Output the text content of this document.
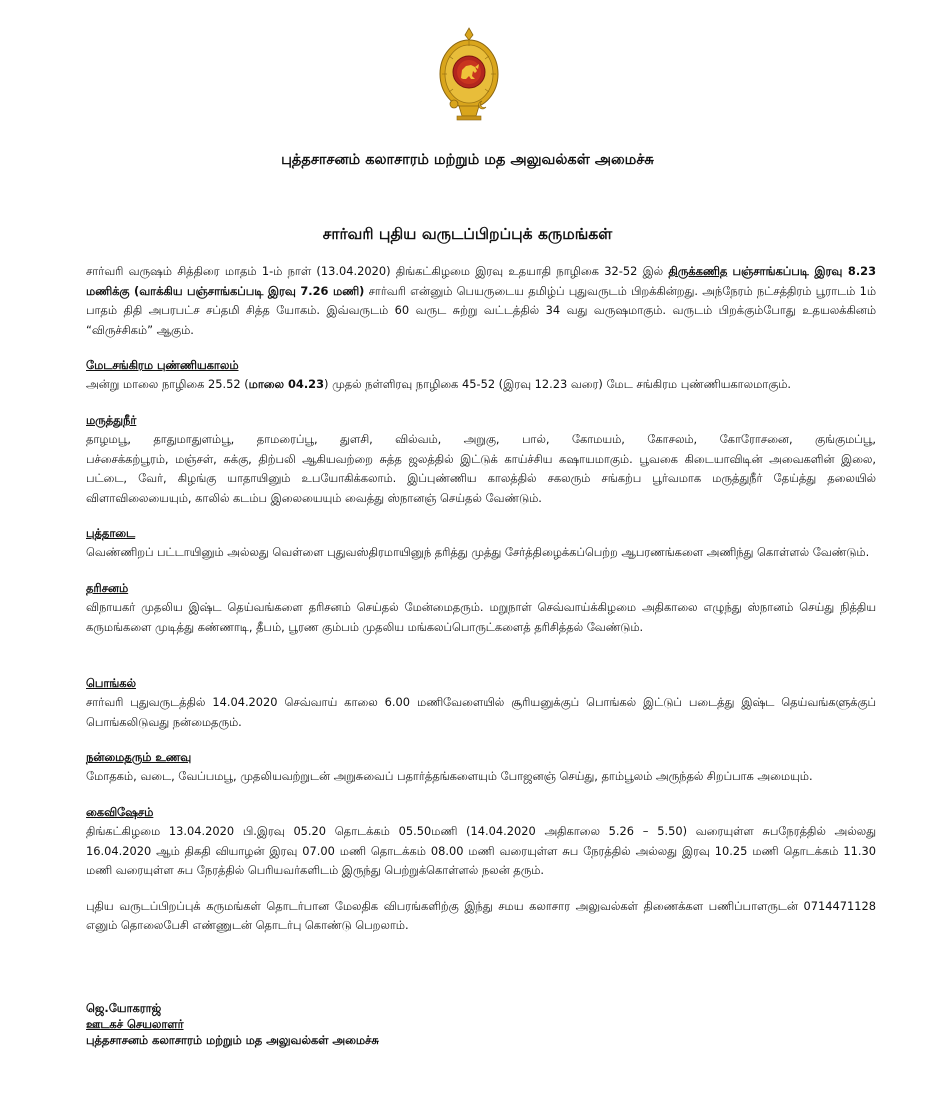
புத்தசாசனம் கலாசாரம் மற்றும் மத அலுவல்கள் அமைச்சு
சார்வரி புதிய வருடப்பிறப்புக் கருமங்கள்

சார்வரி வருஷம் சித்திரை மாதம் 1-ம் நாள் (13.04.2020) திங்கட்கிழமை இரவு உதயாதி நாழிகை 32-52 இல் திருக்கணித பஞ்சாங்கப்படி இரவு 8.23 மணிக்கு (வாக்கிய பஞ்சாங்கப்படி இரவு 7.26 மணி) சார்வரி என்னும் பெயருடைய தமிழ்ப் புதுவருடம் பிறக்கின்றது. அந்நேரம் நட்சத்திரம் பூராடம் 1ம் பாதம் திதி அபரபட்ச சப்தமி சித்த யோகம். இவ்வருடம் 60 வருட சுற்று வட்டத்தில் 34 வது வருஷமாகும். வருடம் பிறக்கும்போது உதயலக்கினம் “விருச்சிகம்” ஆகும்.

மேடசங்கிரம புண்ணியகாலம்

அன்று மாலை நாழிகை 25.52 (மாலை 04.23) முதல் நள்ளிரவு நாழிகை 45-52 (இரவு 12.23 வரை) மேட சங்கிரம புண்ணியகாலமாகும்.

மருத்துநீர்

தாழமபூ, தாதுமாதுளம்பூ, தாமரைப்பூ, துளசி, வில்வம், அறுகு, பால், கோமயம், கோசலம், கோரோசனை, குங்குமப்பூ,

பச்சைக்கற்பூரம், மஞ்சள், சுக்கு, திற்பலி ஆகியவற்றை சுத்த ஜலத்தில் இட்டுக் காய்ச்சிய கஷாயமாகும். பூவகை கிடையாவிடின் அவைகளின் இலை, பட்டை, வேர், கிழங்கு யாதாயினும் உபயோகிக்கலாம். இப்புண்ணிய காலத்தில் சகலரும் சங்கற்ப பூர்வமாக மருத்துநீர் தேய்த்து தலையில் விளாவிலையையும், காலில் கடம்ப இலையையும் வைத்து ஸ்நானஞ் செய்தல் வேண்டும்.

புத்தாடை

வெண்ணிறப் பட்டாயினும் அல்லது வெள்ளை புதுவஸ்திரமாயினுந் தரித்து முத்து சேர்த்திழைக்கப்பெற்ற ஆபரணங்களை அணிந்து கொள்ளல் வேண்டும்.

தரிசனம்

விநாயகர் முதலிய இஷ்ட தெய்வங்களை தரிசனம் செய்தல் மேன்மைதரும். மறுநாள் செவ்வாய்க்கிழமை அதிகாலை எழுந்து ஸ்நானம் செய்து நித்திய கருமங்களை முடித்து கண்ணாடி, தீபம், பூரண கும்பம் முதலிய மங்கலப்பொருட்களைத் தரிசித்தல் வேண்டும்.

பொங்கல்

சார்வரி புதுவருடத்தில் 14.04.2020 செவ்வாய் காலை 6.00 மணிவேளையில் சூரியனுக்குப் பொங்கல் இட்டுப் படைத்து இஷ்ட தெய்வங்களுக்குப் பொங்கலிடுவது நன்மைதரும்.

நன்மைதரும் உணவு

மோதகம், வடை, வேப்பமபூ, முதலியவற்றுடன் அறுசுவைப் பதார்த்தங்களையும் போஜனஞ் செய்து, தாம்பூலம் அருந்தல் சிறப்பாக அமையும்.

கைவிஷேசம்

திங்கட்கிழமை 13.04.2020 பி.இரவு 05.20 தொடக்கம் 05.50மணி (14.04.2020 அதிகாலை 5.26 – 5.50) வரையுள்ள சுபநேரத்தில் அல்லது 16.04.2020 ஆம் திகதி வியாழன் இரவு 07.00 மணி தொடக்கம் 08.00 மணி வரையுள்ள சுப நேரத்தில் அல்லது இரவு 10.25 மணி தொடக்கம் 11.30 மணி வரையுள்ள சுப நேரத்தில் பெரியவர்களிடம் இருந்து பெற்றுக்கொள்ளல் நலன் தரும்.

புதிய வருடப்பிறப்புக் கருமங்கள் தொடர்பான மேலதிக விபரங்களிற்கு இந்து சமய கலாசார அலுவல்கள் திணைக்கள பணிப்பாளருடன் 0714471128 எனும் தொலைபேசி எண்ணுடன் தொடர்பு கொண்டு பெறலாம்.

ஜெ.யோகராஜ்
ஊடகச் செயலாளர்
புத்தசாசனம் கலாசாரம் மற்றும் மத அலுவல்கள் அமைச்சு
